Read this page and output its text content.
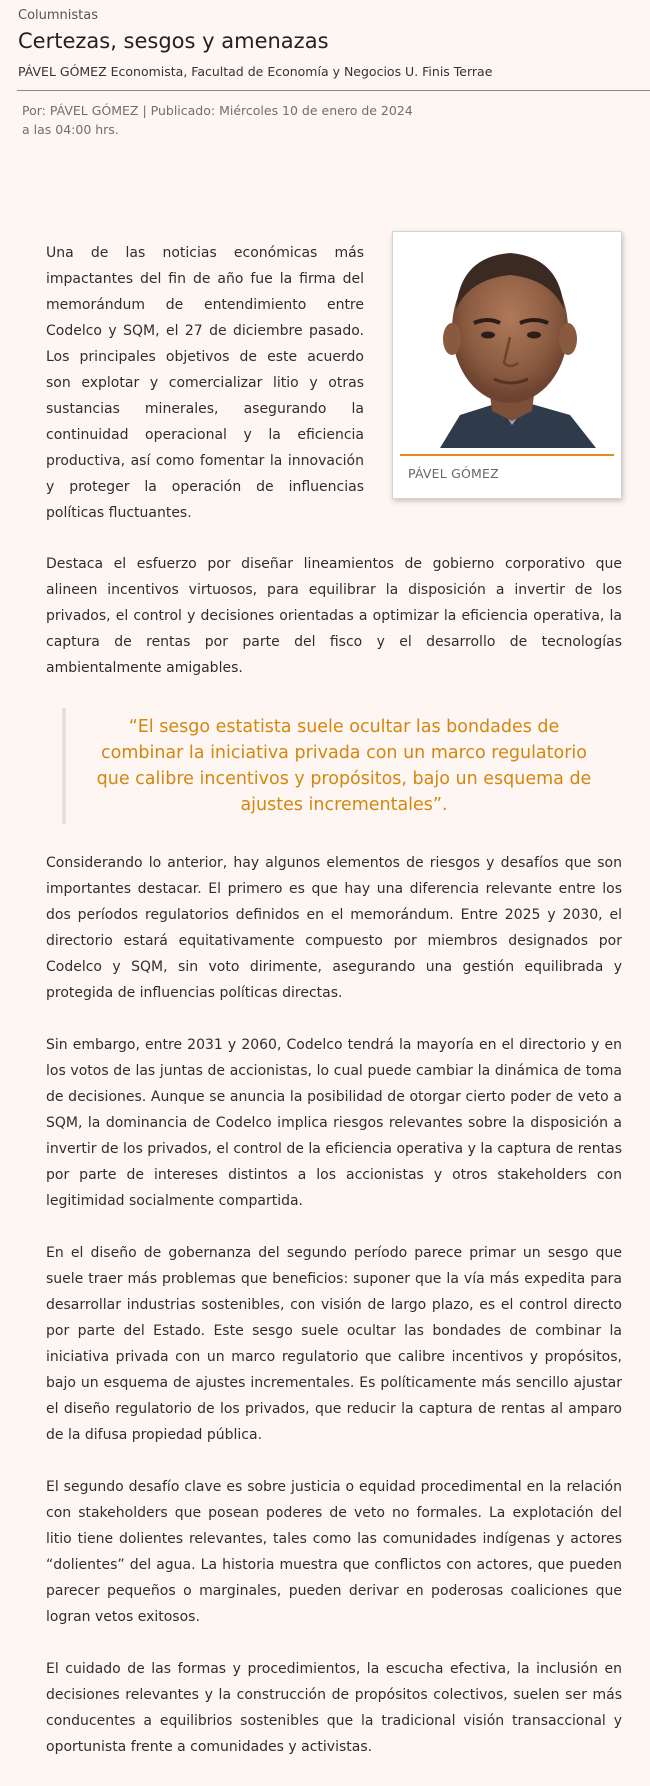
Columnistas
Certezas, sesgos y amenazas
PÁVEL GÓMEZ Economista, Facultad de Economía y Negocios U. Finis Terrae
Por: PÁVEL GÓMEZ | Publicado: Miércoles 10 de enero de 2024 a las 04:00 hrs.
PÁVEL GÓMEZ

Una de las noticias económicas más impactantes del fin de año fue la firma del memorándum de entendimiento entre Codelco y SQM, el 27 de diciembre pasado. Los principales objetivos de este acuerdo son explotar y comercializar litio y otras sustancias minerales, asegurando la continuidad operacional y la eficiencia productiva, así como fomentar la innovación y proteger la operación de influencias políticas fluctuantes.

Destaca el esfuerzo por diseñar lineamientos de gobierno corporativo que alineen incentivos virtuosos, para equilibrar la disposición a invertir de los privados, el control y decisiones orientadas a optimizar la eficiencia operativa, la captura de rentas por parte del fisco y el desarrollo de tecnologías ambientalmente amigables.

“El sesgo estatista suele ocultar las bondades de combinar la iniciativa privada con un marco regulatorio que calibre incentivos y propósitos, bajo un esquema de ajustes incrementales”.

Considerando lo anterior, hay algunos elementos de riesgos y desafíos que son importantes destacar. El primero es que hay una diferencia relevante entre los dos períodos regulatorios definidos en el memorándum. Entre 2025 y 2030, el directorio estará equitativamente compuesto por miembros designados por Codelco y SQM, sin voto dirimente, asegurando una gestión equilibrada y protegida de influencias políticas directas.

Sin embargo, entre 2031 y 2060, Codelco tendrá la mayoría en el directorio y en los votos de las juntas de accionistas, lo cual puede cambiar la dinámica de toma de decisiones. Aunque se anuncia la posibilidad de otorgar cierto poder de veto a SQM, la dominancia de Codelco implica riesgos relevantes sobre la disposición a invertir de los privados, el control de la eficiencia operativa y la captura de rentas por parte de intereses distintos a los accionistas y otros stakeholders con legitimidad socialmente compartida.

En el diseño de gobernanza del segundo período parece primar un sesgo que suele traer más problemas que beneficios: suponer que la vía más expedita para desarrollar industrias sostenibles, con visión de largo plazo, es el control directo por parte del Estado. Este sesgo suele ocultar las bondades de combinar la iniciativa privada con un marco regulatorio que calibre incentivos y propósitos, bajo un esquema de ajustes incrementales. Es políticamente más sencillo ajustar el diseño regulatorio de los privados, que reducir la captura de rentas al amparo de la difusa propiedad pública.

El segundo desafío clave es sobre justicia o equidad procedimental en la relación con stakeholders que posean poderes de veto no formales. La explotación del litio tiene dolientes relevantes, tales como las comunidades indígenas y actores “dolientes” del agua. La historia muestra que conflictos con actores, que pueden parecer pequeños o marginales, pueden derivar en poderosas coaliciones que logran vetos exitosos.

El cuidado de las formas y procedimientos, la escucha efectiva, la inclusión en decisiones relevantes y la construcción de propósitos colectivos, suelen ser más conducentes a equilibrios sostenibles que la tradicional visión transaccional y oportunista frente a comunidades y activistas.
